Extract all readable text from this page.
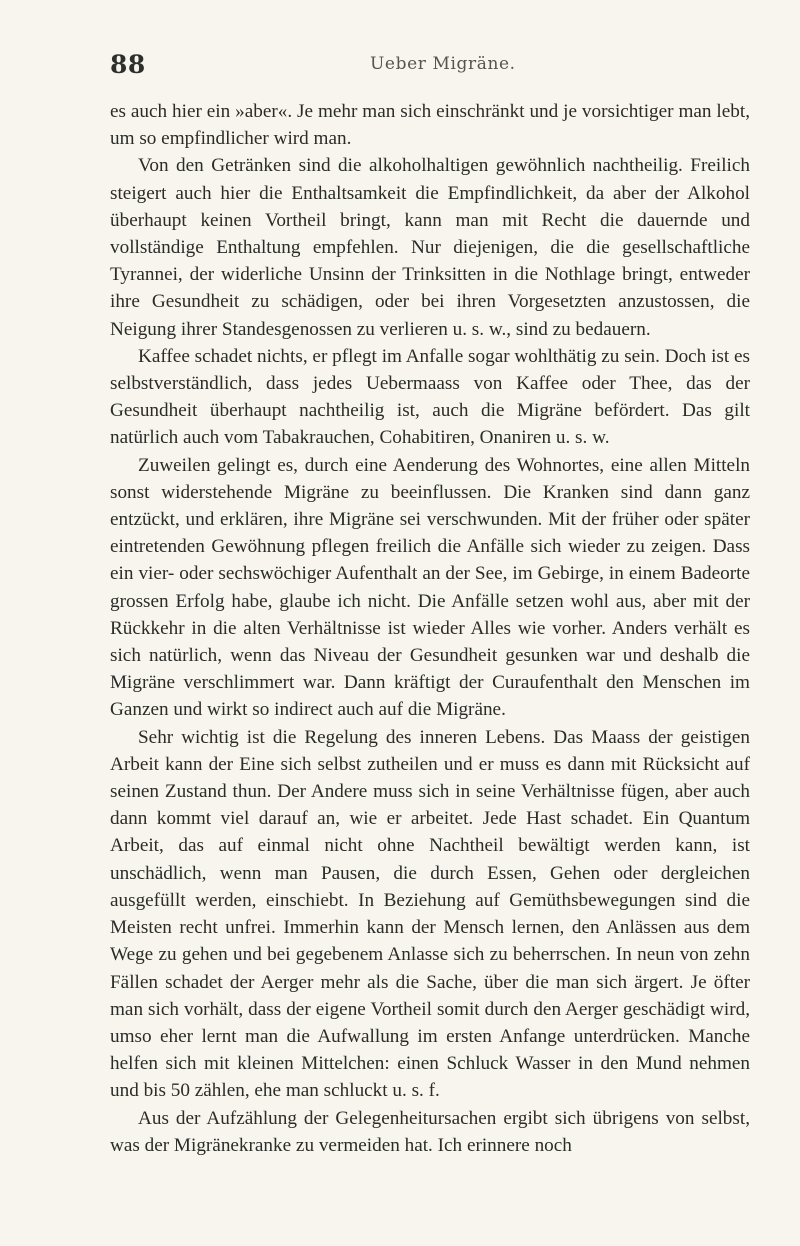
88	Ueber Migräne.

es auch hier ein »aber«. Je mehr man sich einschränkt und je vorsichtiger man lebt, um so empfindlicher wird man.

Von den Getränken sind die alkoholhaltigen gewöhnlich nachtheilig. Freilich steigert auch hier die Enthaltsamkeit die Empfindlichkeit, da aber der Alkohol überhaupt keinen Vortheil bringt, kann man mit Recht die dauernde und vollständige Enthaltung empfehlen. Nur diejenigen, die die gesellschaftliche Tyrannei, der widerliche Unsinn der Trinksitten in die Nothlage bringt, entweder ihre Gesundheit zu schädigen, oder bei ihren Vorgesetzten anzustossen, die Neigung ihrer Standesgenossen zu verlieren u. s. w., sind zu bedauern.

Kaffee schadet nichts, er pflegt im Anfalle sogar wohlthätig zu sein. Doch ist es selbstverständlich, dass jedes Uebermaass von Kaffee oder Thee, das der Gesundheit überhaupt nachtheilig ist, auch die Migräne befördert. Das gilt natürlich auch vom Tabakrauchen, Cohabitiren, Onaniren u. s. w.

Zuweilen gelingt es, durch eine Aenderung des Wohnortes, eine allen Mitteln sonst widerstehende Migräne zu beeinflussen. Die Kranken sind dann ganz entzückt, und erklären, ihre Migräne sei verschwunden. Mit der früher oder später eintretenden Gewöhnung pflegen freilich die Anfälle sich wieder zu zeigen. Dass ein vier- oder sechswöchiger Aufenthalt an der See, im Gebirge, in einem Badeorte grossen Erfolg habe, glaube ich nicht. Die Anfälle setzen wohl aus, aber mit der Rückkehr in die alten Verhältnisse ist wieder Alles wie vorher. Anders verhält es sich natürlich, wenn das Niveau der Gesundheit gesunken war und deshalb die Migräne verschlimmert war. Dann kräftigt der Curaufenthalt den Menschen im Ganzen und wirkt so indirect auch auf die Migräne.

Sehr wichtig ist die Regelung des inneren Lebens. Das Maass der geistigen Arbeit kann der Eine sich selbst zutheilen und er muss es dann mit Rücksicht auf seinen Zustand thun. Der Andere muss sich in seine Verhältnisse fügen, aber auch dann kommt viel darauf an, wie er arbeitet. Jede Hast schadet. Ein Quantum Arbeit, das auf einmal nicht ohne Nachtheil bewältigt werden kann, ist unschädlich, wenn man Pausen, die durch Essen, Gehen oder dergleichen ausgefüllt werden, einschiebt. In Beziehung auf Gemüthsbewegungen sind die Meisten recht unfrei. Immerhin kann der Mensch lernen, den Anlässen aus dem Wege zu gehen und bei gegebenem Anlasse sich zu beherrschen. In neun von zehn Fällen schadet der Aerger mehr als die Sache, über die man sich ärgert. Je öfter man sich vorhält, dass der eigene Vortheil somit durch den Aerger geschädigt wird, umso eher lernt man die Aufwallung im ersten Anfange unterdrücken. Manche helfen sich mit kleinen Mittelchen: einen Schluck Wasser in den Mund nehmen und bis 50 zählen, ehe man schluckt u. s. f.

Aus der Aufzählung der Gelegenheitursachen ergibt sich übrigens von selbst, was der Migränekranke zu vermeiden hat. Ich erinnere noch
